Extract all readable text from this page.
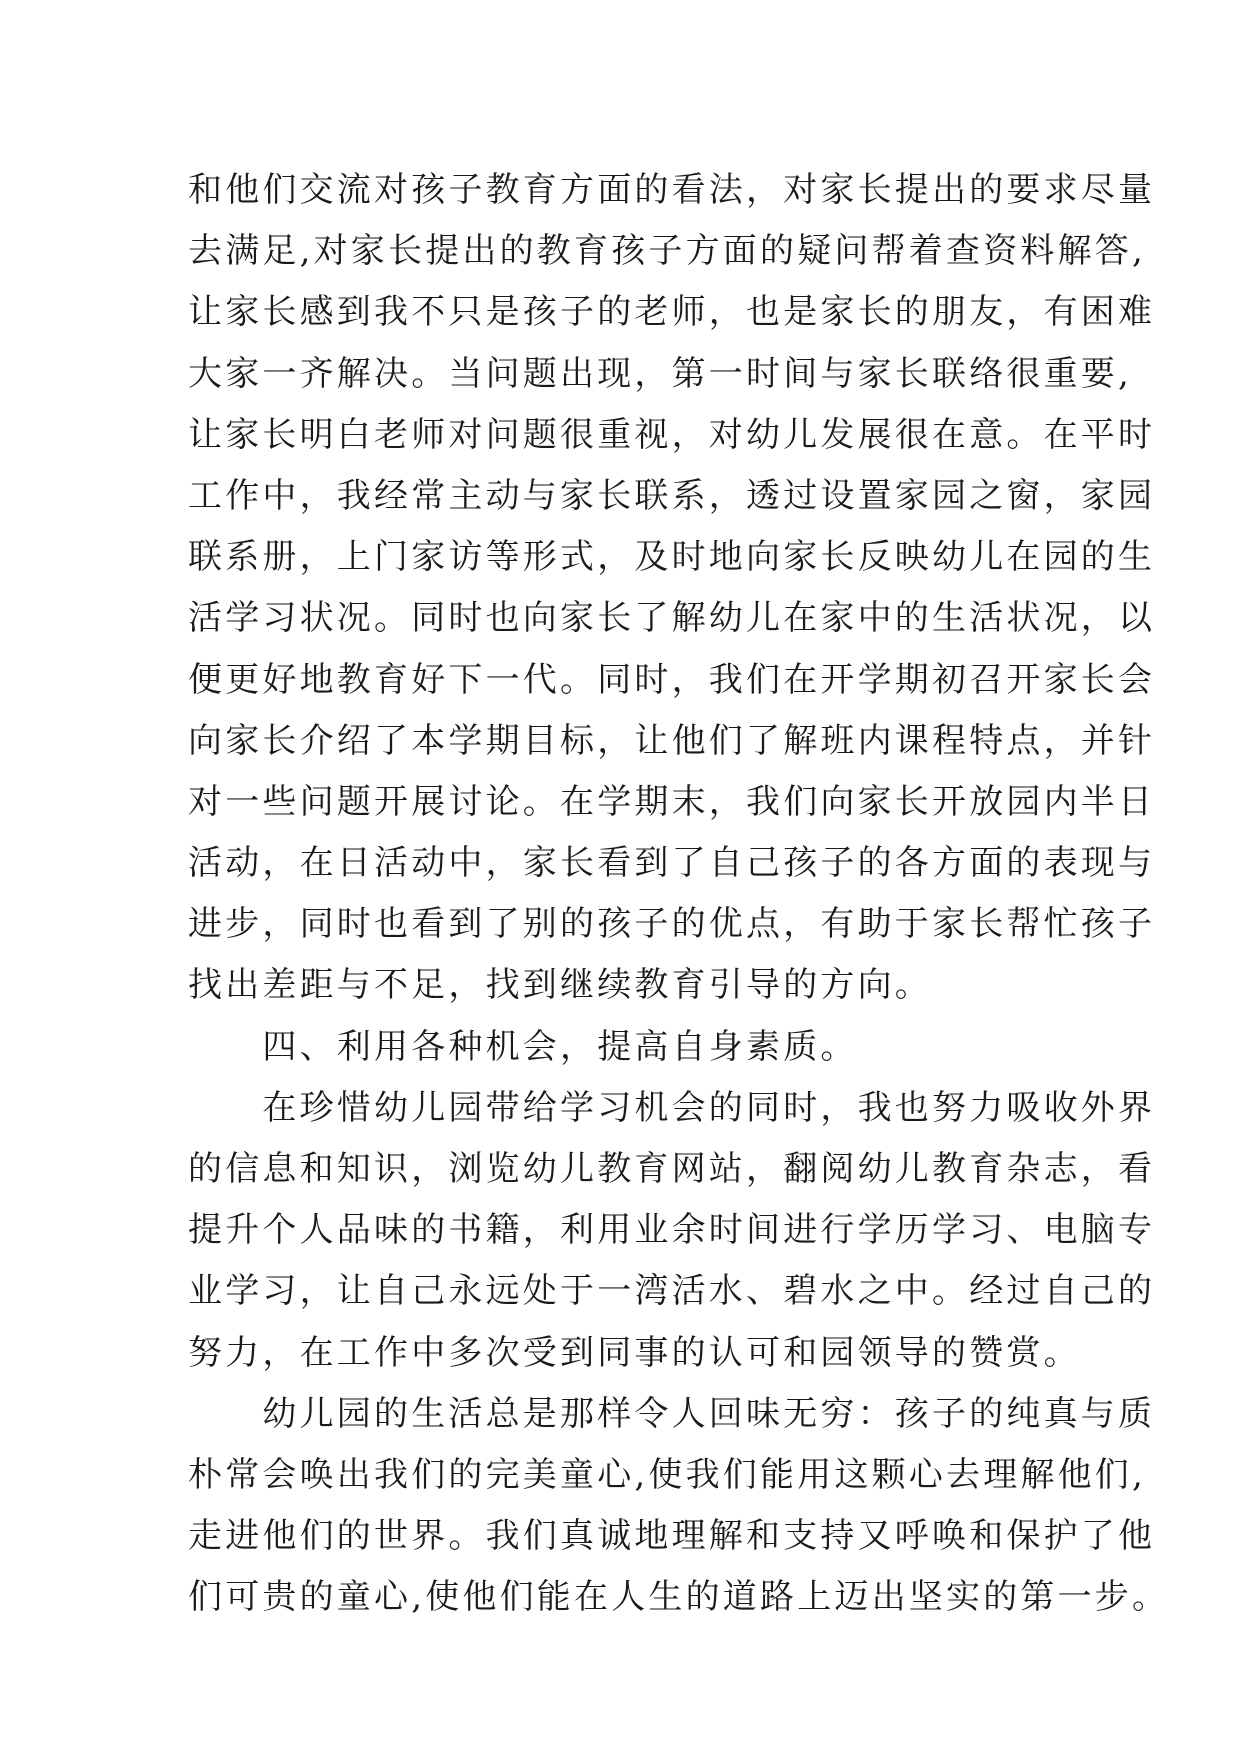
和他们交流对孩子教育方面的看法，对家长提出的要求尽量
去满足,对家长提出的教育孩子方面的疑问帮着查资料解答,
让家长感到我不只是孩子的老师，也是家长的朋友，有困难
大家一齐解决。当问题出现，第一时间与家长联络很重要,
让家长明白老师对问题很重视，对幼儿发展很在意。在平时
工作中，我经常主动与家长联系，透过设置家园之窗，家园
联系册，上门家访等形式，及时地向家长反映幼儿在园的生
活学习状况。同时也向家长了解幼儿在家中的生活状况，以
便更好地教育好下一代。同时，我们在开学期初召开家长会
向家长介绍了本学期目标，让他们了解班内课程特点，并针
对一些问题开展讨论。在学期末，我们向家长开放园内半日
活动，在日活动中，家长看到了自己孩子的各方面的表现与
进步，同时也看到了别的孩子的优点，有助于家长帮忙孩子
找出差距与不足，找到继续教育引导的方向。
　　四、利用各种机会，提高自身素质。
　　在珍惜幼儿园带给学习机会的同时，我也努力吸收外界
的信息和知识，浏览幼儿教育网站，翻阅幼儿教育杂志，看
提升个人品味的书籍，利用业余时间进行学历学习、电脑专
业学习，让自己永远处于一湾活水、碧水之中。经过自己的
努力，在工作中多次受到同事的认可和园领导的赞赏。
　　幼儿园的生活总是那样令人回味无穷：孩子的纯真与质
朴常会唤出我们的完美童心,使我们能用这颗心去理解他们,
走进他们的世界。我们真诚地理解和支持又呼唤和保护了他
们可贵的童心,使他们能在人生的道路上迈出坚实的第一步。
